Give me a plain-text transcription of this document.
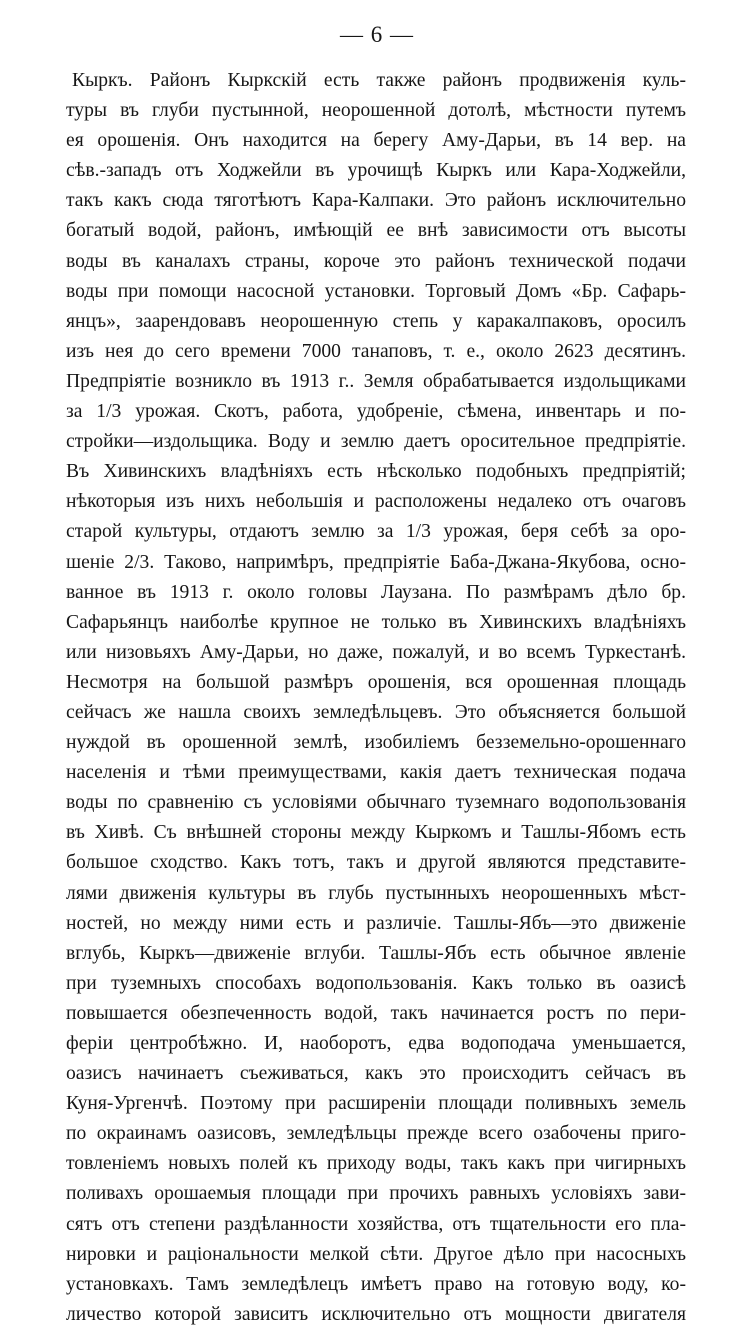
— 6 —
Кыркъ. Районъ Кыркскій есть также районъ продвиженія куль-
туры въ глуби пустынной, неорошенной дотолѣ, мѣстности путемъ
ея орошенія. Онъ находится на берегу Аму-Дарьи, въ 14 вер. на
сѣв.-западъ отъ Ходжейли въ урочищѣ Кыркъ или Кара-Ходжейли,
такъ какъ сюда тяготѣютъ Кара-Калпаки. Это районъ исключительно
богатый водой, районъ, имѣющій ее внѣ зависимости отъ высоты
воды въ каналахъ страны, короче это районъ технической подачи
воды при помощи насосной установки. Торговый Домъ «Бр. Сафарь-
янцъ», заарендовавъ неорошенную степь у каракалпаковъ, оросилъ
изъ нея до сего времени 7000 танаповъ, т. е., около 2623 десятинъ.
Предпріятіе возникло въ 1913 г.. Земля обрабатывается издольщиками
за 1/3 урожая. Скотъ, работа, удобреніе, сѣмена, инвентарь и по-
стройки—издольщика. Воду и землю даетъ оросительное предпріятіе.
Въ Хивинскихъ владѣніяхъ есть нѣсколько подобныхъ предпріятій;
нѣкоторыя изъ нихъ небольшія и расположены недалеко отъ очаговъ
старой культуры, отдаютъ землю за 1/3 урожая, беря себѣ за оро-
шеніе 2/3. Таково, напримѣръ, предпріятіе Баба-Джана-Якубова, осно-
ванное въ 1913 г. около головы Лаузана. По размѣрамъ дѣло бр.
Сафарьянцъ наиболѣе крупное не только въ Хивинскихъ владѣніяхъ
или низовьяхъ Аму-Дарьи, но даже, пожалуй, и во всемъ Туркестанѣ.
Несмотря на большой размѣръ орошенія, вся орошенная площадь
сейчасъ же нашла своихъ земледѣльцевъ. Это объясняется большой
нуждой въ орошенной землѣ, изобиліемъ безземельно-орошеннаго
населенія и тѣми преимуществами, какія даетъ техническая подача
воды по сравненію съ условіями обычнаго туземнаго водопользованія
въ Хивѣ. Съ внѣшней стороны между Кыркомъ и Ташлы-Ябомъ есть
большое сходство. Какъ тотъ, такъ и другой являются представите-
лями движенія культуры въ глубь пустынныхъ неорошенныхъ мѣст-
ностей, но между ними есть и различіе. Ташлы-Ябъ—это движеніе
вглубь, Кыркъ—движеніе вглуби. Ташлы-Ябъ есть обычное явленіе
при туземныхъ способахъ водопользованія. Какъ только въ оазисѣ
повышается обезпеченность водой, такъ начинается ростъ по пери-
феріи центробѣжно. И, наоборотъ, едва водоподача уменьшается,
оазисъ начинаетъ съеживаться, какъ это происходитъ сейчасъ въ
Куня-Ургенчѣ. Поэтому при расширеніи площади поливныхъ земель
по окраинамъ оазисовъ, земледѣльцы прежде всего озабочены приго-
товленіемъ новыхъ полей къ приходу воды, такъ какъ при чигирныхъ
поливахъ орошаемыя площади при прочихъ равныхъ условіяхъ зави-
сятъ отъ степени раздѣланности хозяйства, отъ тщательности его пла-
нировки и раціональности мелкой сѣти. Другое дѣло при насосныхъ
установкахъ. Тамъ земледѣлецъ имѣетъ право на готовую воду, ко-
личество которой зависитъ исключительно отъ мощности двигателя
